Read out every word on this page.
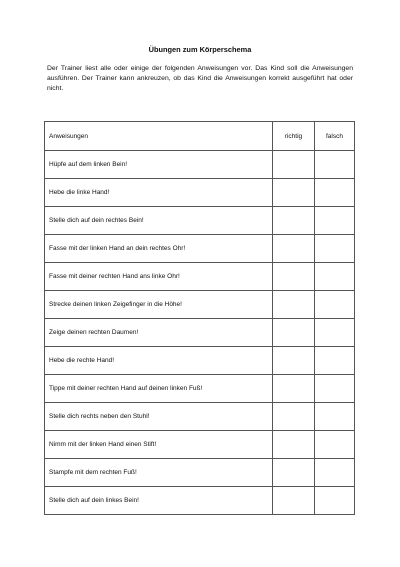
Übungen zum Körperschema
Der Trainer liest alle oder einige der folgenden Anweisungen vor. Das Kind soll die Anweisungen ausführen. Der Trainer kann ankreuzen, ob das Kind die Anweisungen korrekt ausgeführt hat oder nicht.
Anweisungen	richtig	falsch
Hüpfe auf dem linken Bein!		
Hebe die linke Hand!		
Stelle dich auf dein rechtes Bein!		
Fasse mit der linken Hand an dein rechtes Ohr!		
Fasse mit deiner rechten Hand ans linke Ohr!		
Strecke deinen linken Zeigefinger in die Höhe!		
Zeige deinen rechten Daumen!		
Hebe die rechte Hand!		
Tippe mit deiner rechten Hand auf deinen linken Fuß!		
Stelle dich rechts neben den Stuhl!		
Nimm mit der linken Hand einen Stift!		
Stampfe mit dem rechten Fuß!		
Stelle dich auf dein linkes Bein!		
